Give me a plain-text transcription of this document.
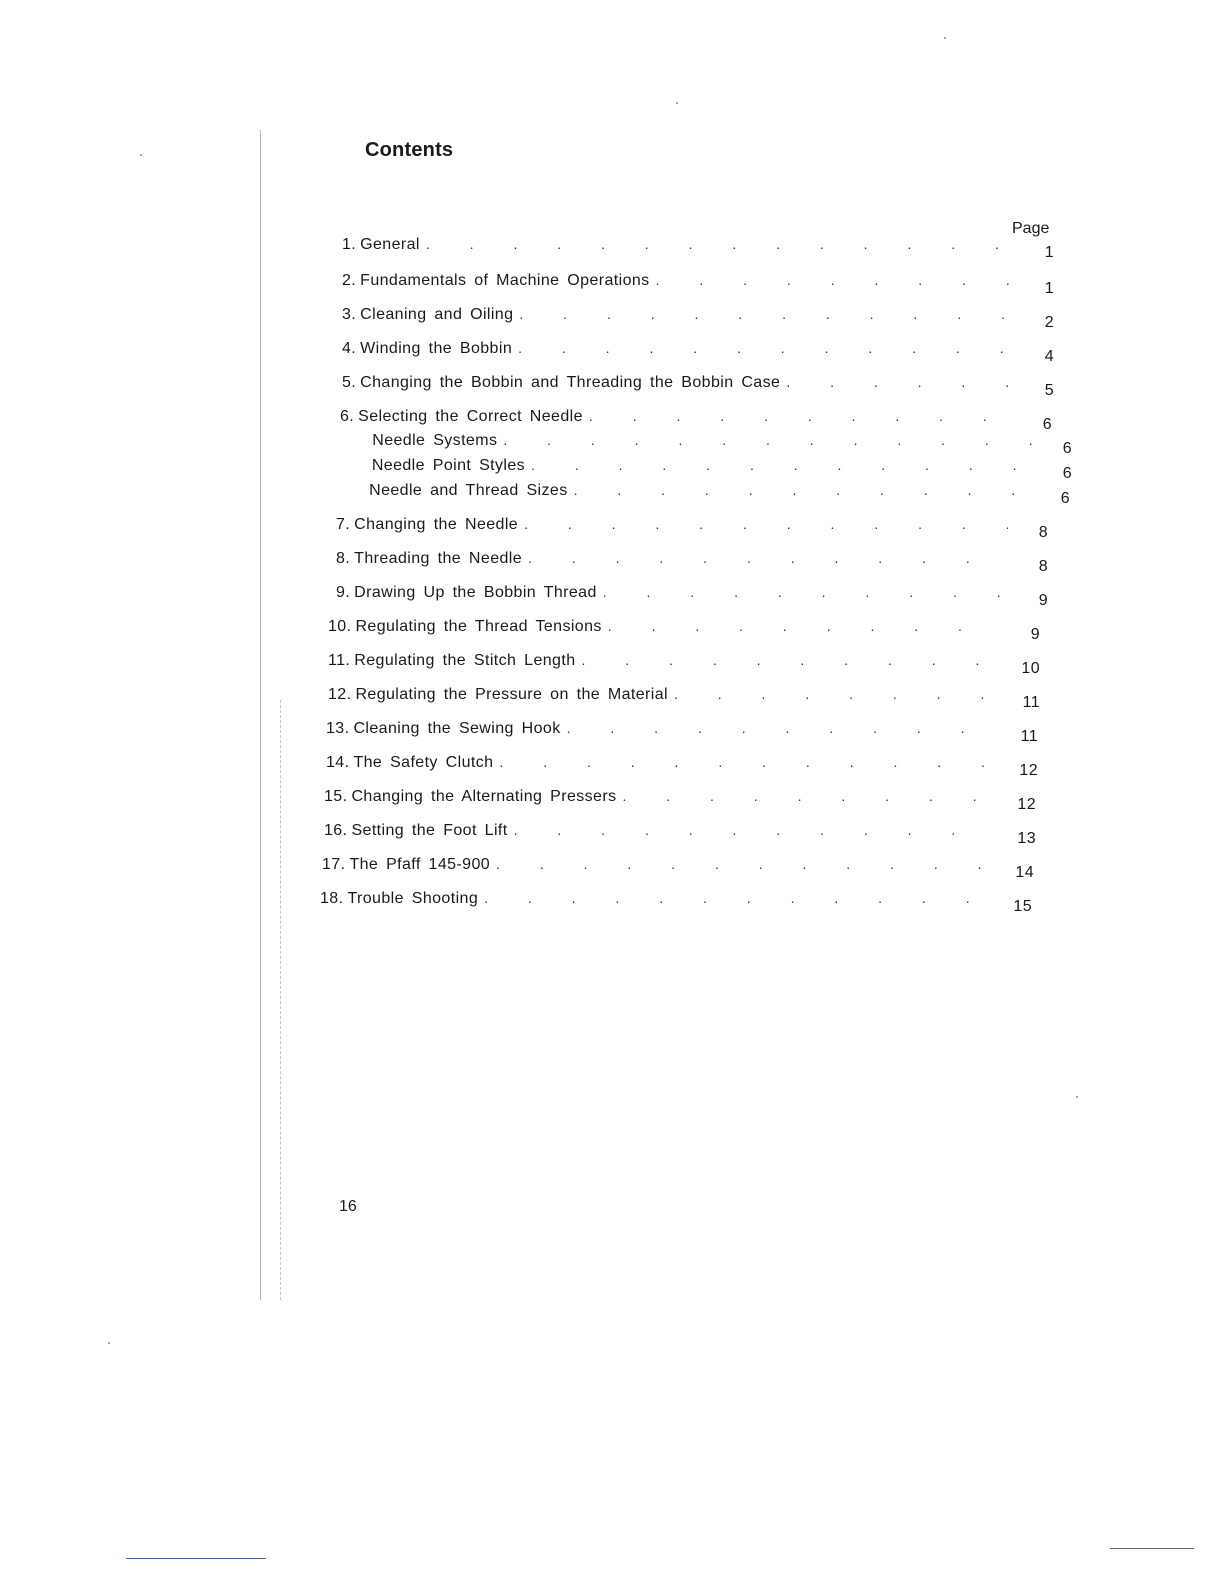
Contents
Page
1. General . . .	1
2. Fundamentals of Machine Operations . . .	1
3. Cleaning and Oiling . . .	2
4. Winding the Bobbin . . .	4
5. Changing the Bobbin and Threading the Bobbin Case . . .	5
6. Selecting the Correct Needle . . .	6
Needle Systems . . .	6
Needle Point Styles . . .	6
Needle and Thread Sizes . . .	6
7. Changing the Needle . . .	8
8. Threading the Needle . . .	8
9. Drawing Up the Bobbin Thread . . .	9
10. Regulating the Thread Tensions . . .	9
11. Regulating the Stitch Length . . .	10
12. Regulating the Pressure on the Material . . .	11
13. Cleaning the Sewing Hook . . .	11
14. The Safety Clutch . . .	12
15. Changing the Alternating Pressers . . .	12
16. Setting the Foot Lift . . .	13
17. The Pfaff 145-900 . . .	14
18. Trouble Shooting . . .	15
16
